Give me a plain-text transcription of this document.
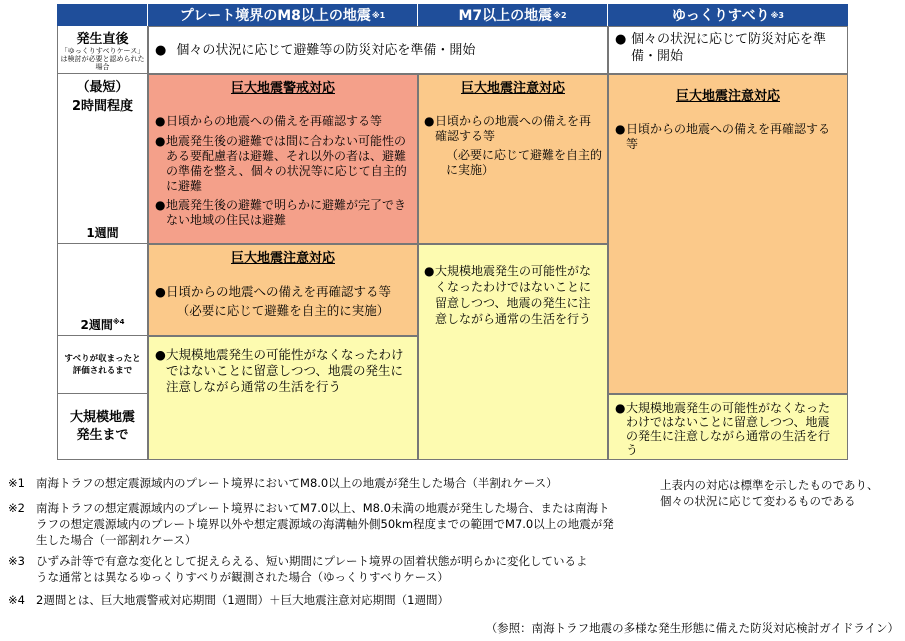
プレート境界のM8以上の地震 ※1	M7以上の地震 ※2	ゆっくりすべり ※3
発生直後
「ゆっくりすべりケース」は検討が必要と認められた場合
（最短）
2時間程度
1週間
2週間$^{※4}$
すべりが収まったと評価されるまで
大規模地震発生まで
● 個々の状況に応じて避難等の防災対応を準備・開始
● 個々の状況に応じて防災対応を準備・開始
巨大地震警戒対応
● 日頃からの地震への備えを再確認する等
● 地震発生後の避難では間に合わない可能性のある要配慮者は避難、それ以外の者は、避難の準備を整え、個々の状況等に応じて自主的に避難
● 地震発生後の避難で明らかに避難が完了できない地域の住民は避難
巨大地震注意対応
● 日頃からの地震への備えを再確認する等
（必要に応じて避難を自主的に実施）
● 大規模地震発生の可能性がなくなったわけではないことに留意しつつ、地震の発生に注意しながら通常の生活を行う
巨大地震注意対応
● 日頃からの地震への備えを再確認する等
（必要に応じて避難を自主的に実施）
● 大規模地震発生の可能性がなくなったわけではないことに留意しつつ、地震の発生に注意しながら通常の生活を行う
巨大地震注意対応
● 日頃からの地震への備えを再確認する等
● 大規模地震発生の可能性がなくなったわけではないことに留意しつつ、地震の発生に注意しながら通常の生活を行う
※1 南海トラフの想定震源域内のプレート境界においてM8.0以上の地震が発生した場合（半割れケース）
※2 南海トラフの想定震源域内のプレート境界においてM7.0以上、M8.0未満の地震が発生した場合、または南海トラフの想定震源域内のプレート境界以外や想定震源域の海溝軸外側50km程度までの範囲でM7.0以上の地震が発生した場合（一部割れケース）
※3 ひずみ計等で有意な変化として捉えらえる、短い期間にプレート境界の固着状態が明らかに変化しているような通常とは異なるゆっくりすべりが観測された場合（ゆっくりすべりケース）
※4 2週間とは、巨大地震警戒対応期間（1週間）＋巨大地震注意対応期間（1週間）
上表内の対応は標準を示したものであり、個々の状況に応じて変わるものである
（参照：南海トラフ地震の多様な発生形態に備えた防災対応検討ガイドライン）
